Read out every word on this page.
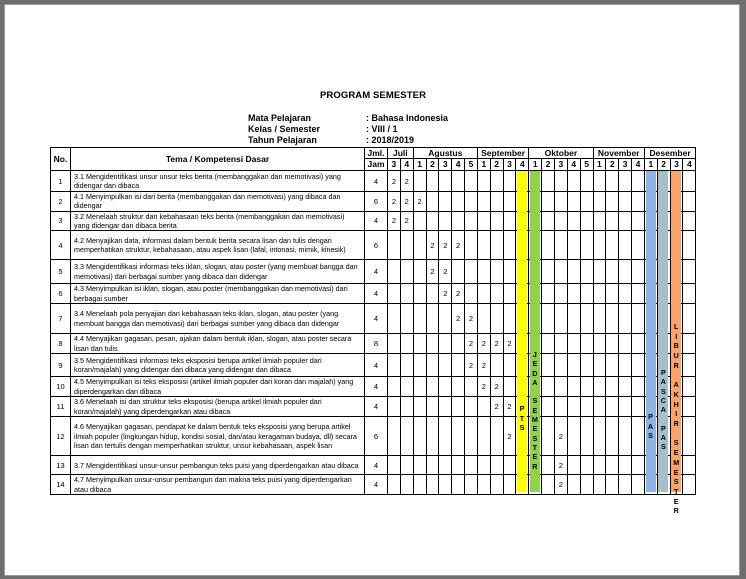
PROGRAM SEMESTER
Mata Pelajaran	: Bahasa Indonesia
Kelas / Semester	: VIII / 1
Tahun Pelajaran	: 2018/2019
No.	Tema / Kompetensi Dasar	Jml.	Juli		Agustus					September				Oktober					November				Desember			
		Jam	3	4	1	2	3	4	5	1	2	3	4	1	2	3	4	5	1	2	3	4	1	2	3	4
1	3.1 Mengidentifikasi unsur unsur teks berita (membanggakan dan memotivasi) yang didengar dan dibaca	4	2	2																						
2	4.1 Menyimpulkan isi dari berita (membanggakan dan memotivasi) yang dibaca dan didengar	6	2	2	2																					
3	3.2 Menelaah struktur dan kebahasaan teks berita (membanggakan dan memotivasi) yang didengar dan dibaca berita	4	2	2																						
4	4.2 Menyajikan data, informasi dalam bentuk berita secara lisan dan tulis dengan memperhatikan struktur, kebahasaan, atau aspek lisan (lafal, intonasi, mimik, kinesik)	6				2	2	2																		
5	3.3 Mengidentifikasi informasi teks iklan, slogan, atau poster (yang membuat bangga dan memotivasi) dari berbagai sumber yang dibaca dan didengar	4				2	2																			
6	4.3 Menyimpulkan isi iklan, slogan, atau poster (membanggakan dan memotivasi) dari berbagai sumber	4					2	2																		
7	3.4 Menelaah pola penyajian dan kebahasaan teks iklan, slogan, atau poster (yang membuat bangga dan memotivasi) dari berbagai sumber yang dibaca dan didengar	4						2	2																	
8	4.4 Menyajikan gagasan, pesan, ajakan dalam bentuk iklan, slogan, atau poster secara lisan dan tulis	8							2	2	2	2														
9	3.5 Mengidentifikasi informasi teks eksposisi berupa artikel ilmiah populer dari koran/majalah) yang didengar dan dibaca yang didengar dan dibaca	4							2	2																
10	4.5 Menyimpulkan isi teks eksposisi (artikel ilmiah populer dari koran dan majalah) yang diperdengarkan dan dibaca	4								2	2															
11	3.6 Menelaah isi dan struktur teks eksposisi (berupa artikel ilmiah populer dari koran/majalah) yang diperdengarkan atau dibaca	4									2	2														
12	4.6 Menyajikan gagasan, pendapat ke dalam bentuk teks eksposisi yang berupa artikel ilmiah populer (lingkungan hidup, kondisi sosial, dan/atau keragaman budaya, dll) secara lisan dan tertulis dengan memperhatikan struktur, unsur kebahasaan, aspek lisan	6										2				2										
13	3.7 Mengidentifikasi unsur-unsur pembangun teks puisi yang diperdengarkan atau dibaca	4														2										
14	4.7 Menyimpulkan unsur-unsur pembangun dan makna teks puisi yang diperdengarkan atau dibaca	4														2										
P
T
S
J
E
D
A

S
E
M
E
S
T
E
R
P
A
S
P
A
S
C
A

P
A
S
L
I
B
U
R

A
K
H
I
R

S
E
M
E
S
T
E
R
